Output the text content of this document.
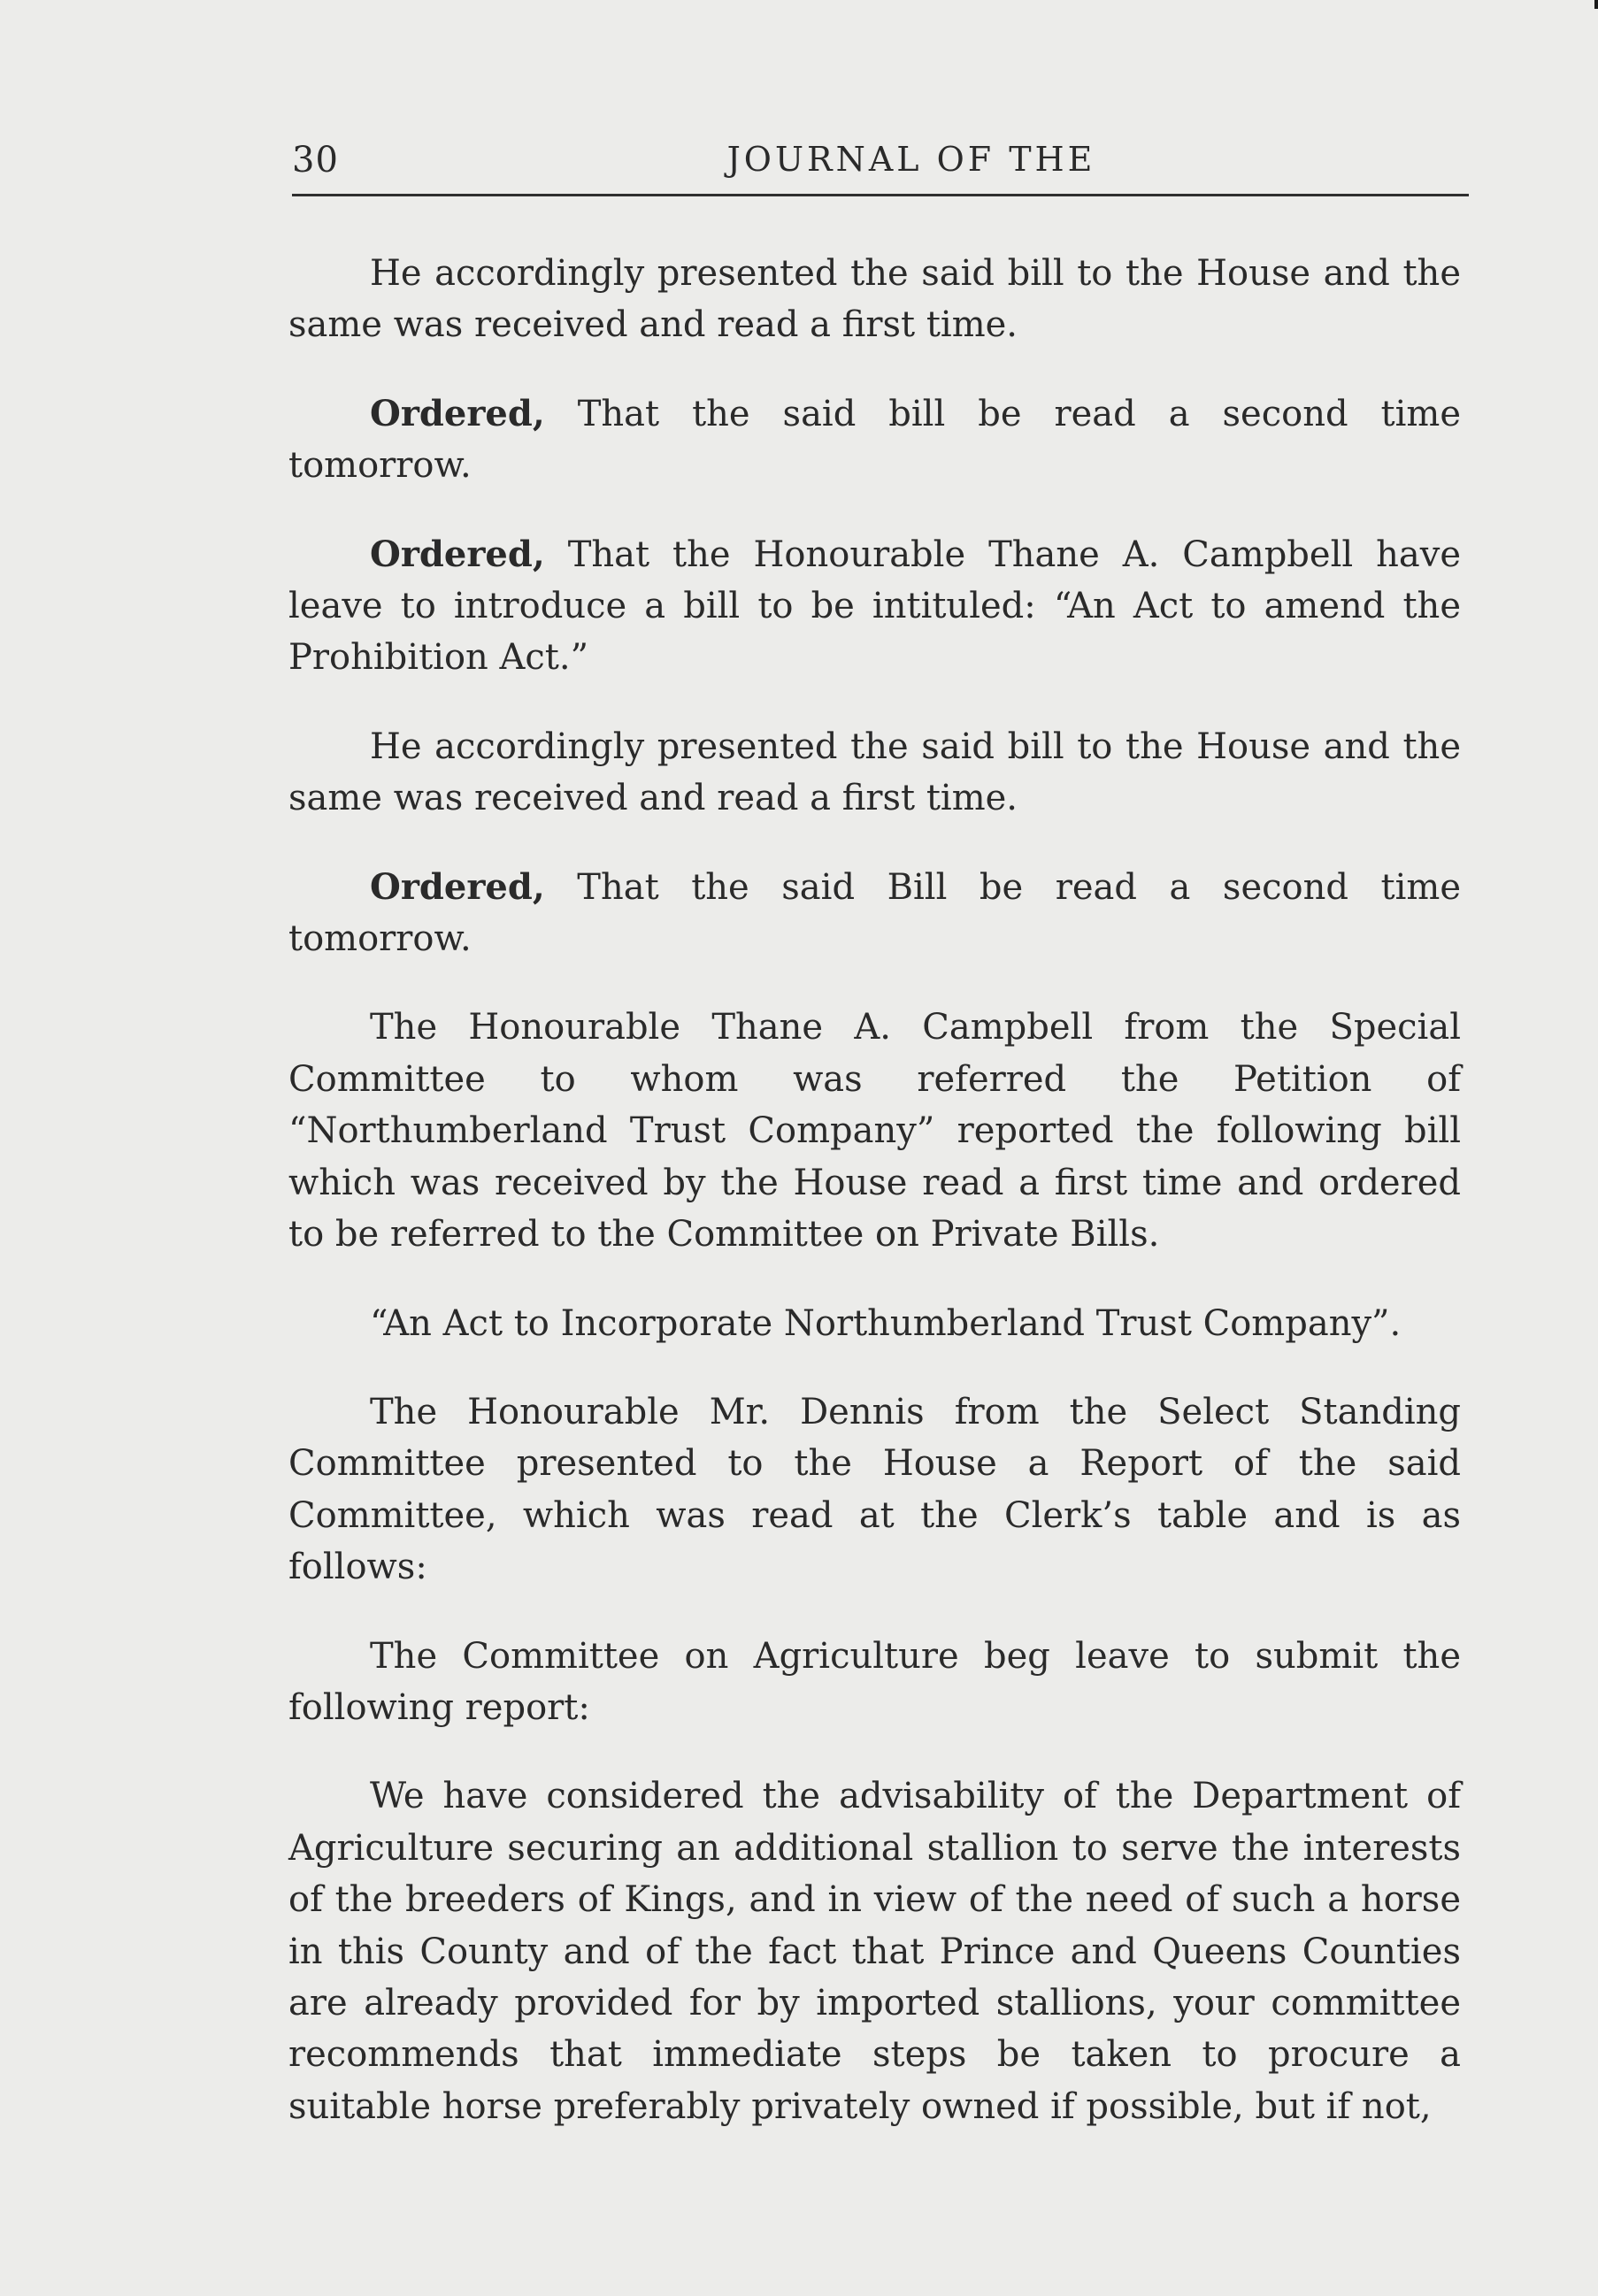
30	JOURNAL OF THE

He accordingly presented the said bill to the House and the same was received and read a first time.

Ordered, That the said bill be read a second time tomorrow.

Ordered, That the Honourable Thane A. Campbell have leave to introduce a bill to be intituled: “An Act to amend the Prohibition Act.”

He accordingly presented the said bill to the House and the same was received and read a first time.

Ordered, That the said Bill be read a second time tomorrow.

The Honourable Thane A. Campbell from the Special Committee to whom was referred the Petition of “Northumberland Trust Company” reported the following bill which was received by the House read a first time and ordered to be referred to the Committee on Private Bills.

“An Act to Incorporate Northumberland Trust Company”.

The Honourable Mr. Dennis from the Select Standing Committee presented to the House a Report of the said Committee, which was read at the Clerk’s table and is as follows:

The Committee on Agriculture beg leave to submit the following report:

We have considered the advisability of the Department of Agriculture securing an additional stallion to serve the interests of the breeders of Kings, and in view of the need of such a horse in this County and of the fact that Prince and Queens Counties are already provided for by imported stallions, your committee recommends that immediate steps be taken to procure a suitable horse preferably privately owned if possible, but if not,
